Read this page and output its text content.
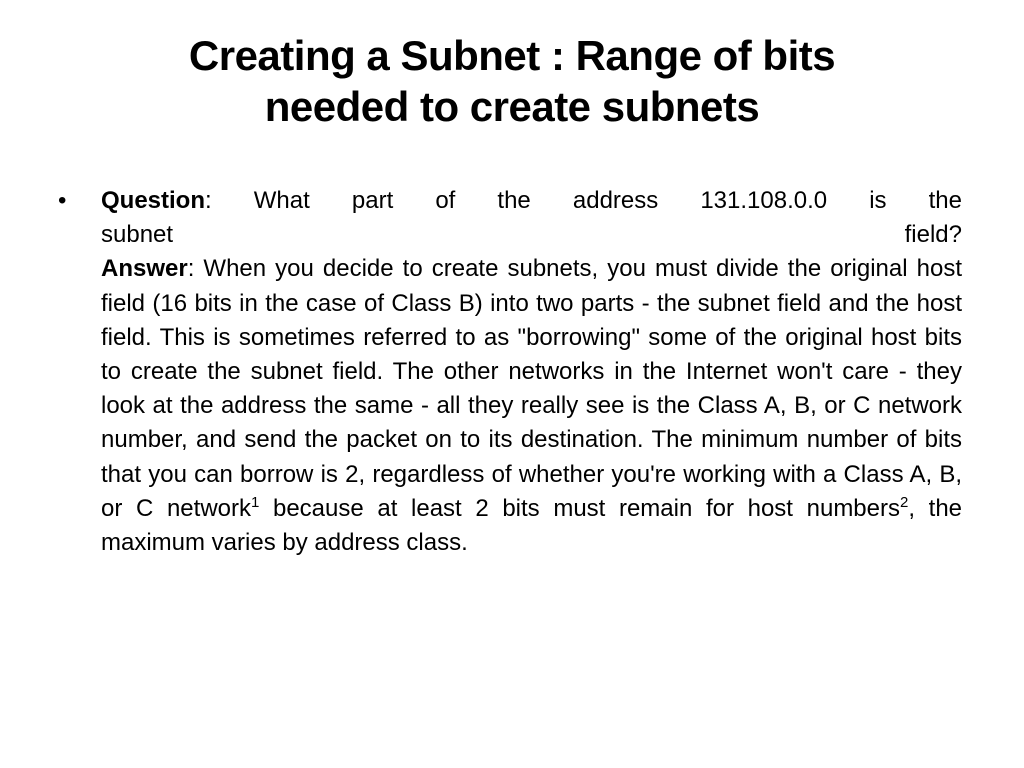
Creating a Subnet : Range of bits
needed to create subnets
• Question: What part of the address 131.108.0.0 is the
subnet field?
Answer: When you decide to create subnets, you must divide the original host field (16 bits in the case of Class B) into two parts - the subnet field and the host field. This is sometimes referred to as "borrowing" some of the original host bits to create the subnet field. The other networks in the Internet won't care - they look at the address the same - all they really see is the Class A, B, or C network number, and send the packet on to its destination. The minimum number of bits that you can borrow is 2, regardless of whether you're working with a Class A, B, or C network$^1$ because at least 2 bits must remain for host numbers$^2$, the maximum varies by address class.
